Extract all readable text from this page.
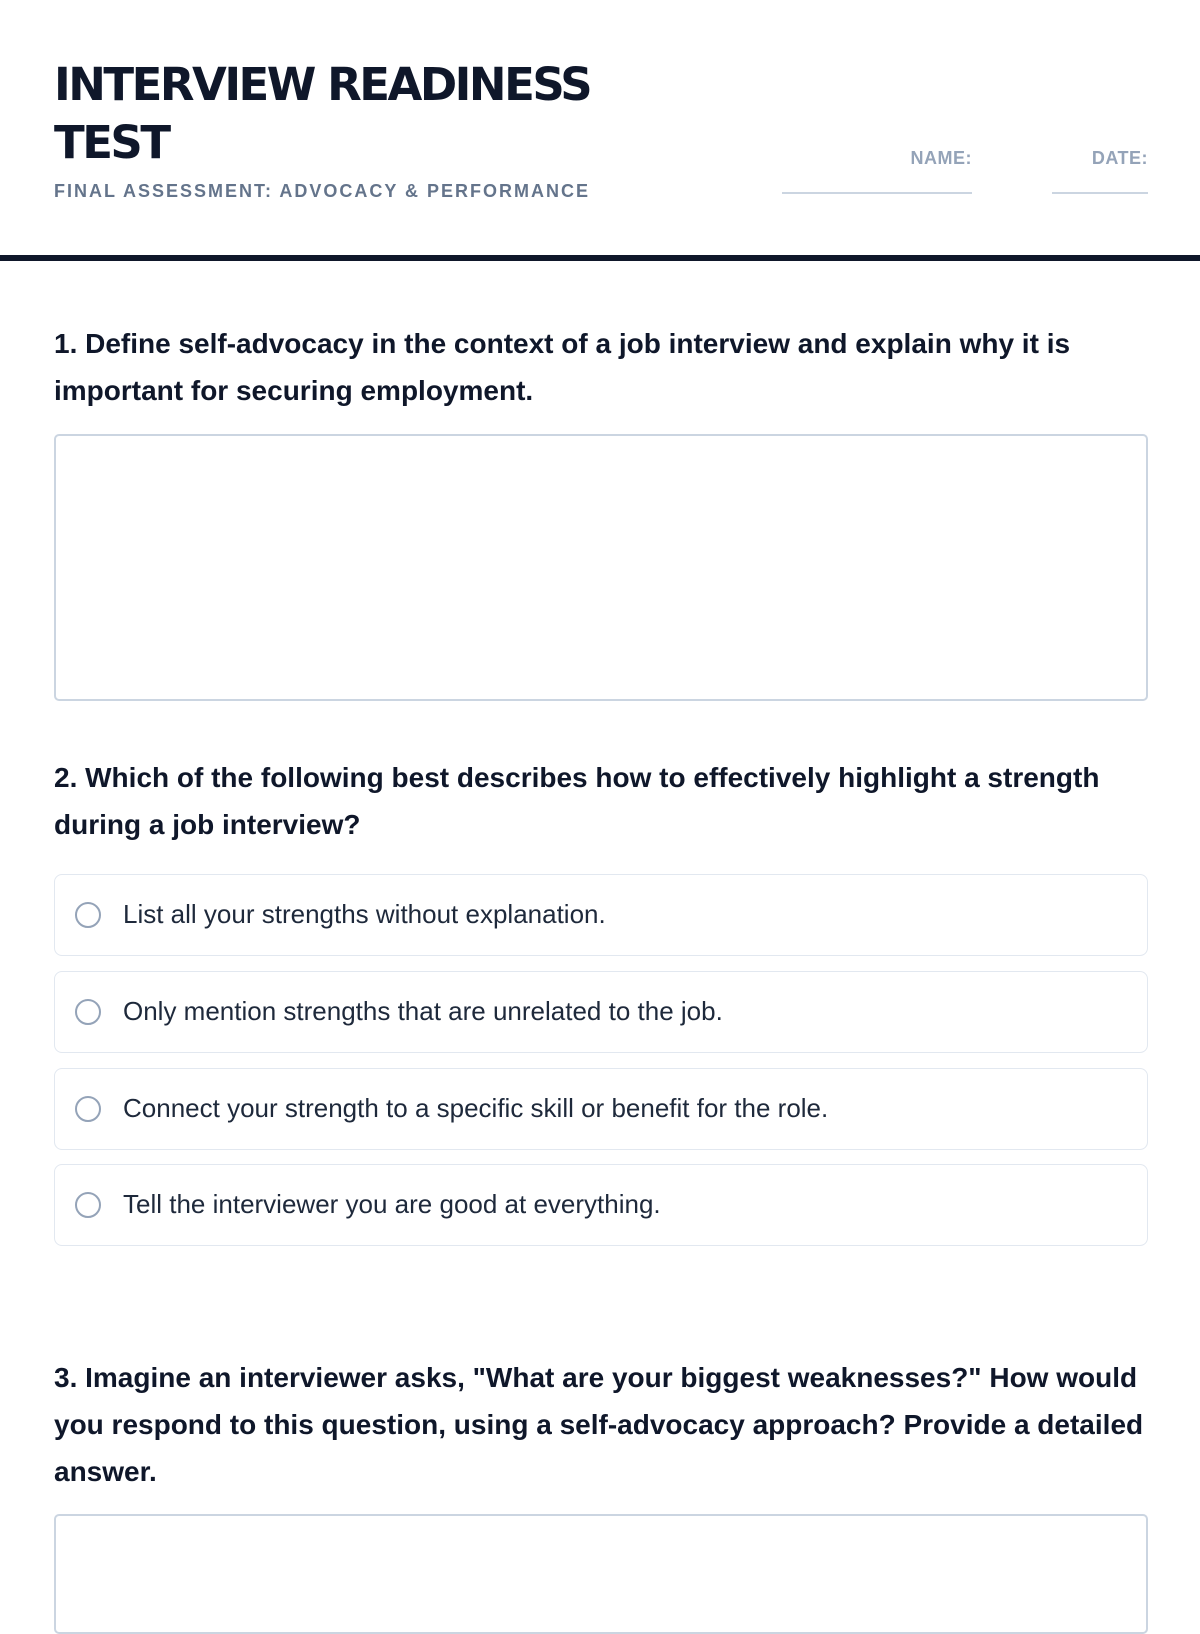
INTERVIEW READINESS TEST
FINAL ASSESSMENT: ADVOCACY & PERFORMANCE
NAME:	DATE:

1. Define self-advocacy in the context of a job interview and explain why it is important for securing employment.

2. Which of the following best describes how to effectively highlight a strength during a job interview?

List all your strengths without explanation.
Only mention strengths that are unrelated to the job.
Connect your strength to a specific skill or benefit for the role.
Tell the interviewer you are good at everything.

3. Imagine an interviewer asks, "What are your biggest weaknesses?" How would you respond to this question, using a self-advocacy approach? Provide a detailed answer.
